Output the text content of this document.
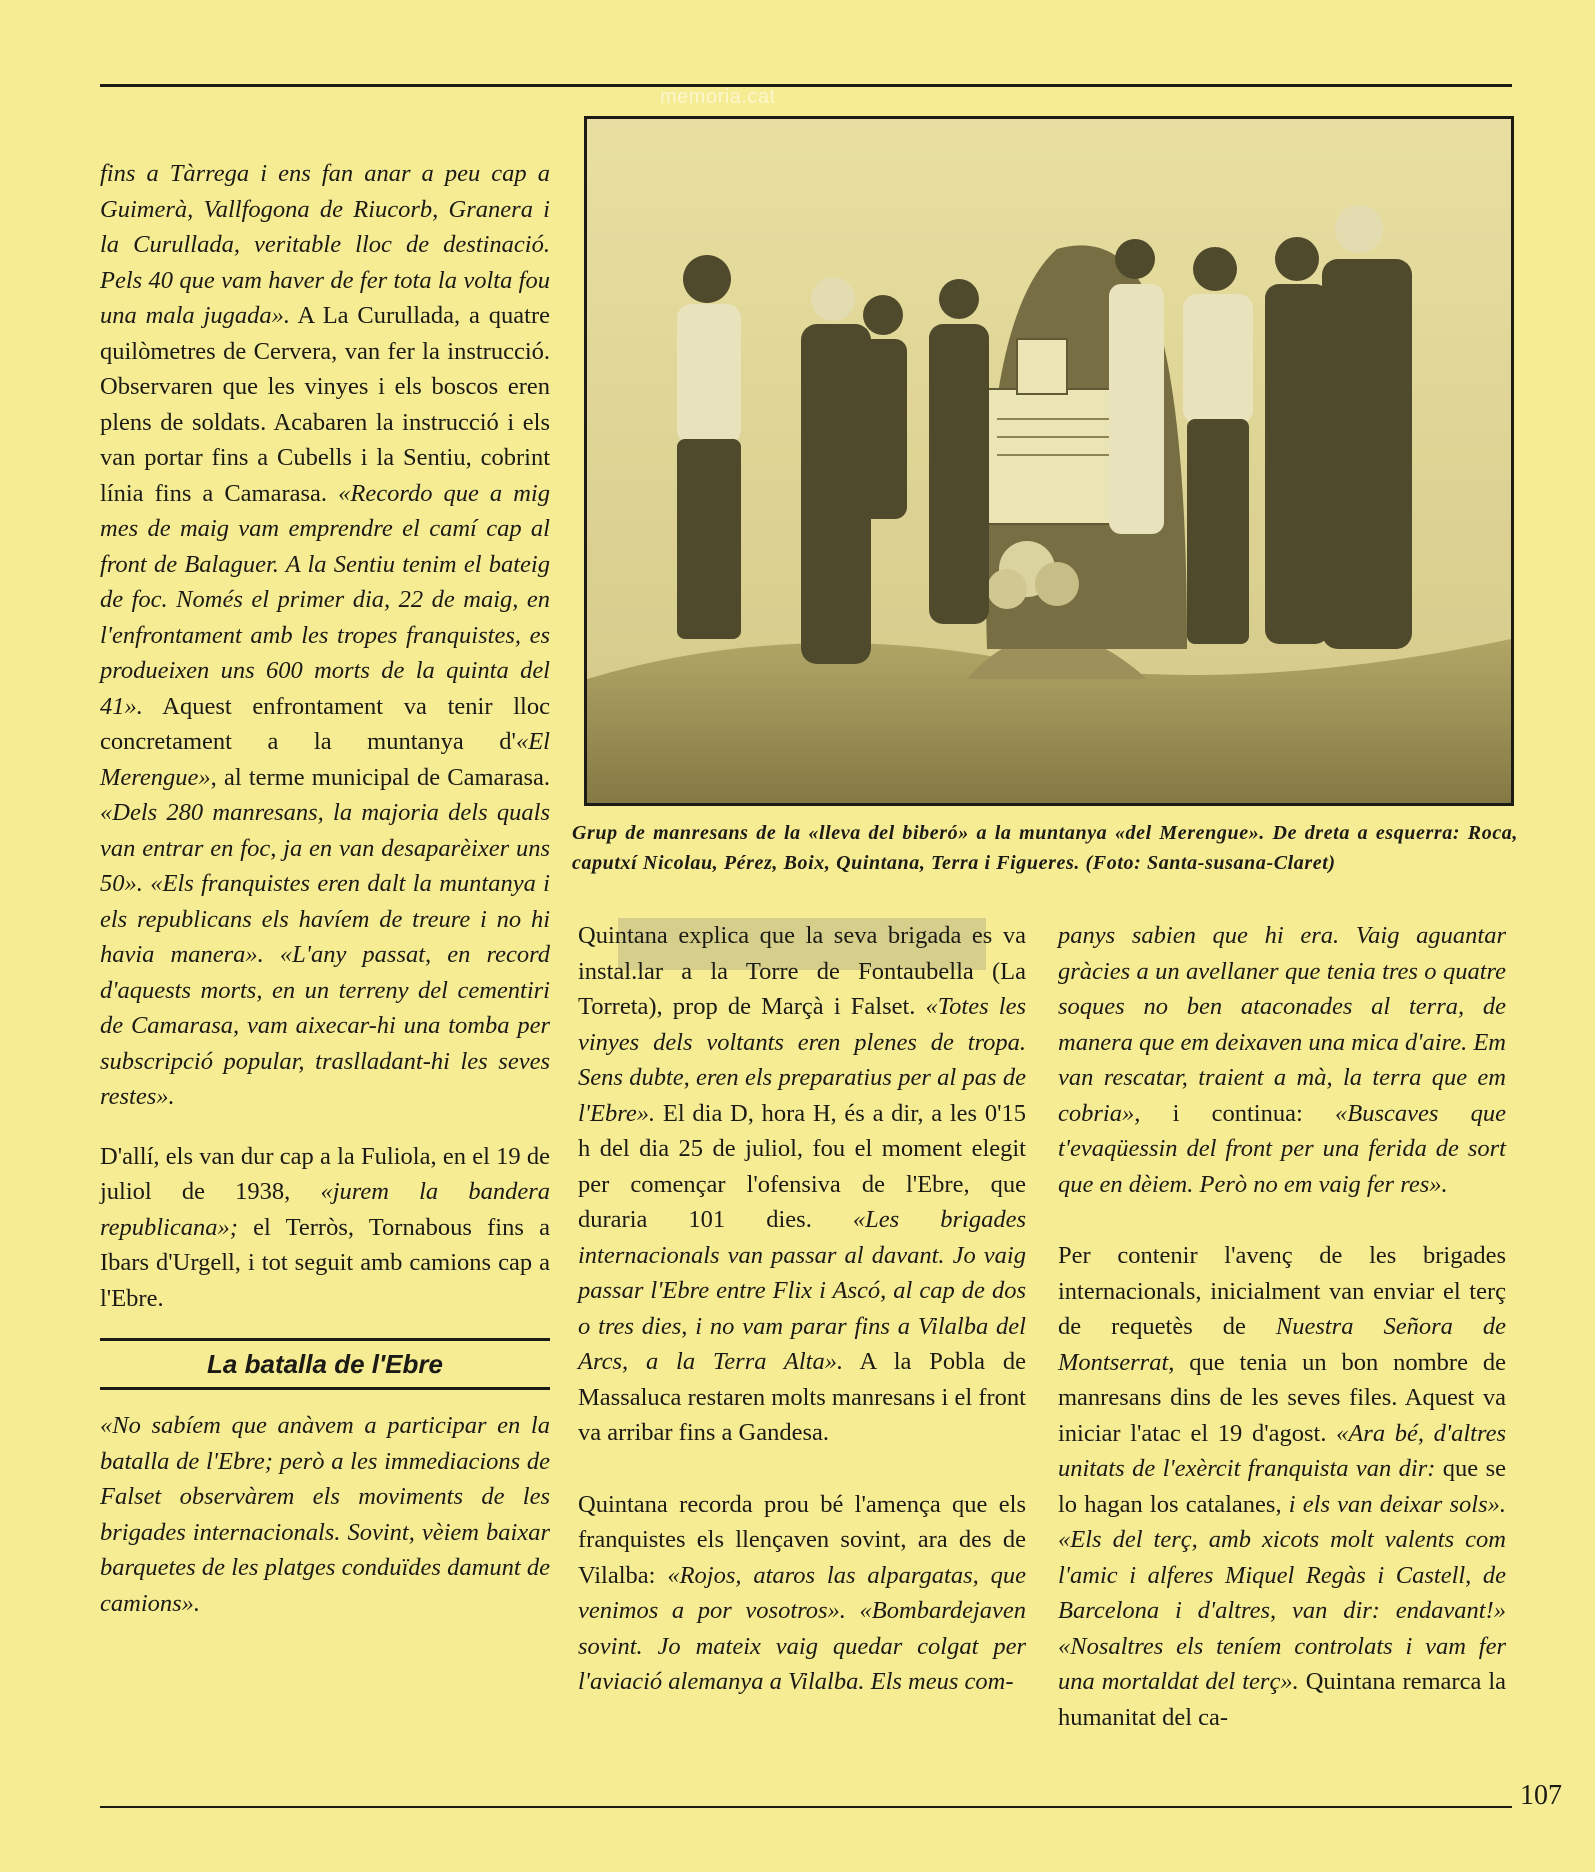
fins a Tàrrega i ens fan anar a peu cap a Guimerà, Vallfogona de Riucorb, Granera i la Curullada, veritable lloc de destinació. Pels 40 que vam haver de fer tota la volta fou una mala jugada». A La Curullada, a quatre quilòmetres de Cervera, van fer la instrucció. Observaren que les vinyes i els boscos eren plens de soldats. Acabaren la instrucció i els van portar fins a Cubells i la Sentiu, cobrint línia fins a Camarasa. «Recordo que a mig mes de maig vam emprendre el camí cap al front de Balaguer. A la Sentiu tenim el bateig de foc. Només el primer dia, 22 de maig, en l'enfrontament amb les tropes franquistes, es produeixen uns 600 morts de la quinta del 41». Aquest enfrontament va tenir lloc concretament a la muntanya d'«El Merengue», al terme municipal de Camarasa. «Dels 280 manresans, la majoria dels quals van entrar en foc, ja en van desaparèixer uns 50». «Els franquistes eren dalt la muntanya i els republicans els havíem de treure i no hi havia manera». «L'any passat, en record d'aquests morts, en un terreny del cementiri de Camarasa, vam aixecar-hi una tomba per subscripció popular, traslladant-hi les seves restes».

D'allí, els van dur cap a la Fuliola, en el 19 de juliol de 1938, «jurem la bandera republicana»; el Terròs, Tornabous fins a Ibars d'Urgell, i tot seguit amb camions cap a l'Ebre.

La batalla de l'Ebre

«No sabíem que anàvem a participar en la batalla de l'Ebre; però a les immediacions de Falset observàrem els moviments de les brigades internacionals. Sovint, vèiem baixar barquetes de les platges conduïdes damunt de camions».

memoria.cat
Grup de manresans de la «lleva del biberó» a la muntanya «del Merengue». De dreta a esquerra: Roca, caputxí Nicolau, Pérez, Boix, Quintana, Terra i Figueres. (Foto: Santa-susana-Claret)

Quintana explica que la seva brigada es va instal.lar a la Torre de Fontaubella (La Torreta), prop de Marçà i Falset. «Totes les vinyes dels voltants eren plenes de tropa. Sens dubte, eren els preparatius per al pas de l'Ebre». El dia D, hora H, és a dir, a les 0'15 h del dia 25 de juliol, fou el moment elegit per començar l'ofensiva de l'Ebre, que duraria 101 dies. «Les brigades internacionals van passar al davant. Jo vaig passar l'Ebre entre Flix i Ascó, al cap de dos o tres dies, i no vam parar fins a Vilalba del Arcs, a la Terra Alta». A la Pobla de Massaluca restaren molts manresans i el front va arribar fins a Gandesa.

Quintana recorda prou bé l'amença que els franquistes els llençaven sovint, ara des de Vilalba: «Rojos, ataros las alpargatas, que venimos a por vosotros». «Bombardejaven sovint. Jo mateix vaig quedar colgat per l'aviació alemanya a Vilalba. Els meus com-

panys sabien que hi era. Vaig aguantar gràcies a un avellaner que tenia tres o quatre soques no ben ataconades al terra, de manera que em deixaven una mica d'aire. Em van rescatar, traient a mà, la terra que em cobria», i continua: «Buscaves que t'evaqüessin del front per una ferida de sort que en dèiem. Però no em vaig fer res».

Per contenir l'avenç de les brigades internacionals, inicialment van enviar el terç de requetès de Nuestra Señora de Montserrat, que tenia un bon nombre de manresans dins de les seves files. Aquest va iniciar l'atac el 19 d'agost. «Ara bé, d'altres unitats de l'exèrcit franquista van dir: que se lo hagan los catalanes, i els van deixar sols». «Els del terç, amb xicots molt valents com l'amic i alferes Miquel Regàs i Castell, de Barcelona i d'altres, van dir: endavant!» «Nosaltres els teníem controlats i vam fer una mortaldat del terç». Quintana remarca la humanitat del ca-

107
